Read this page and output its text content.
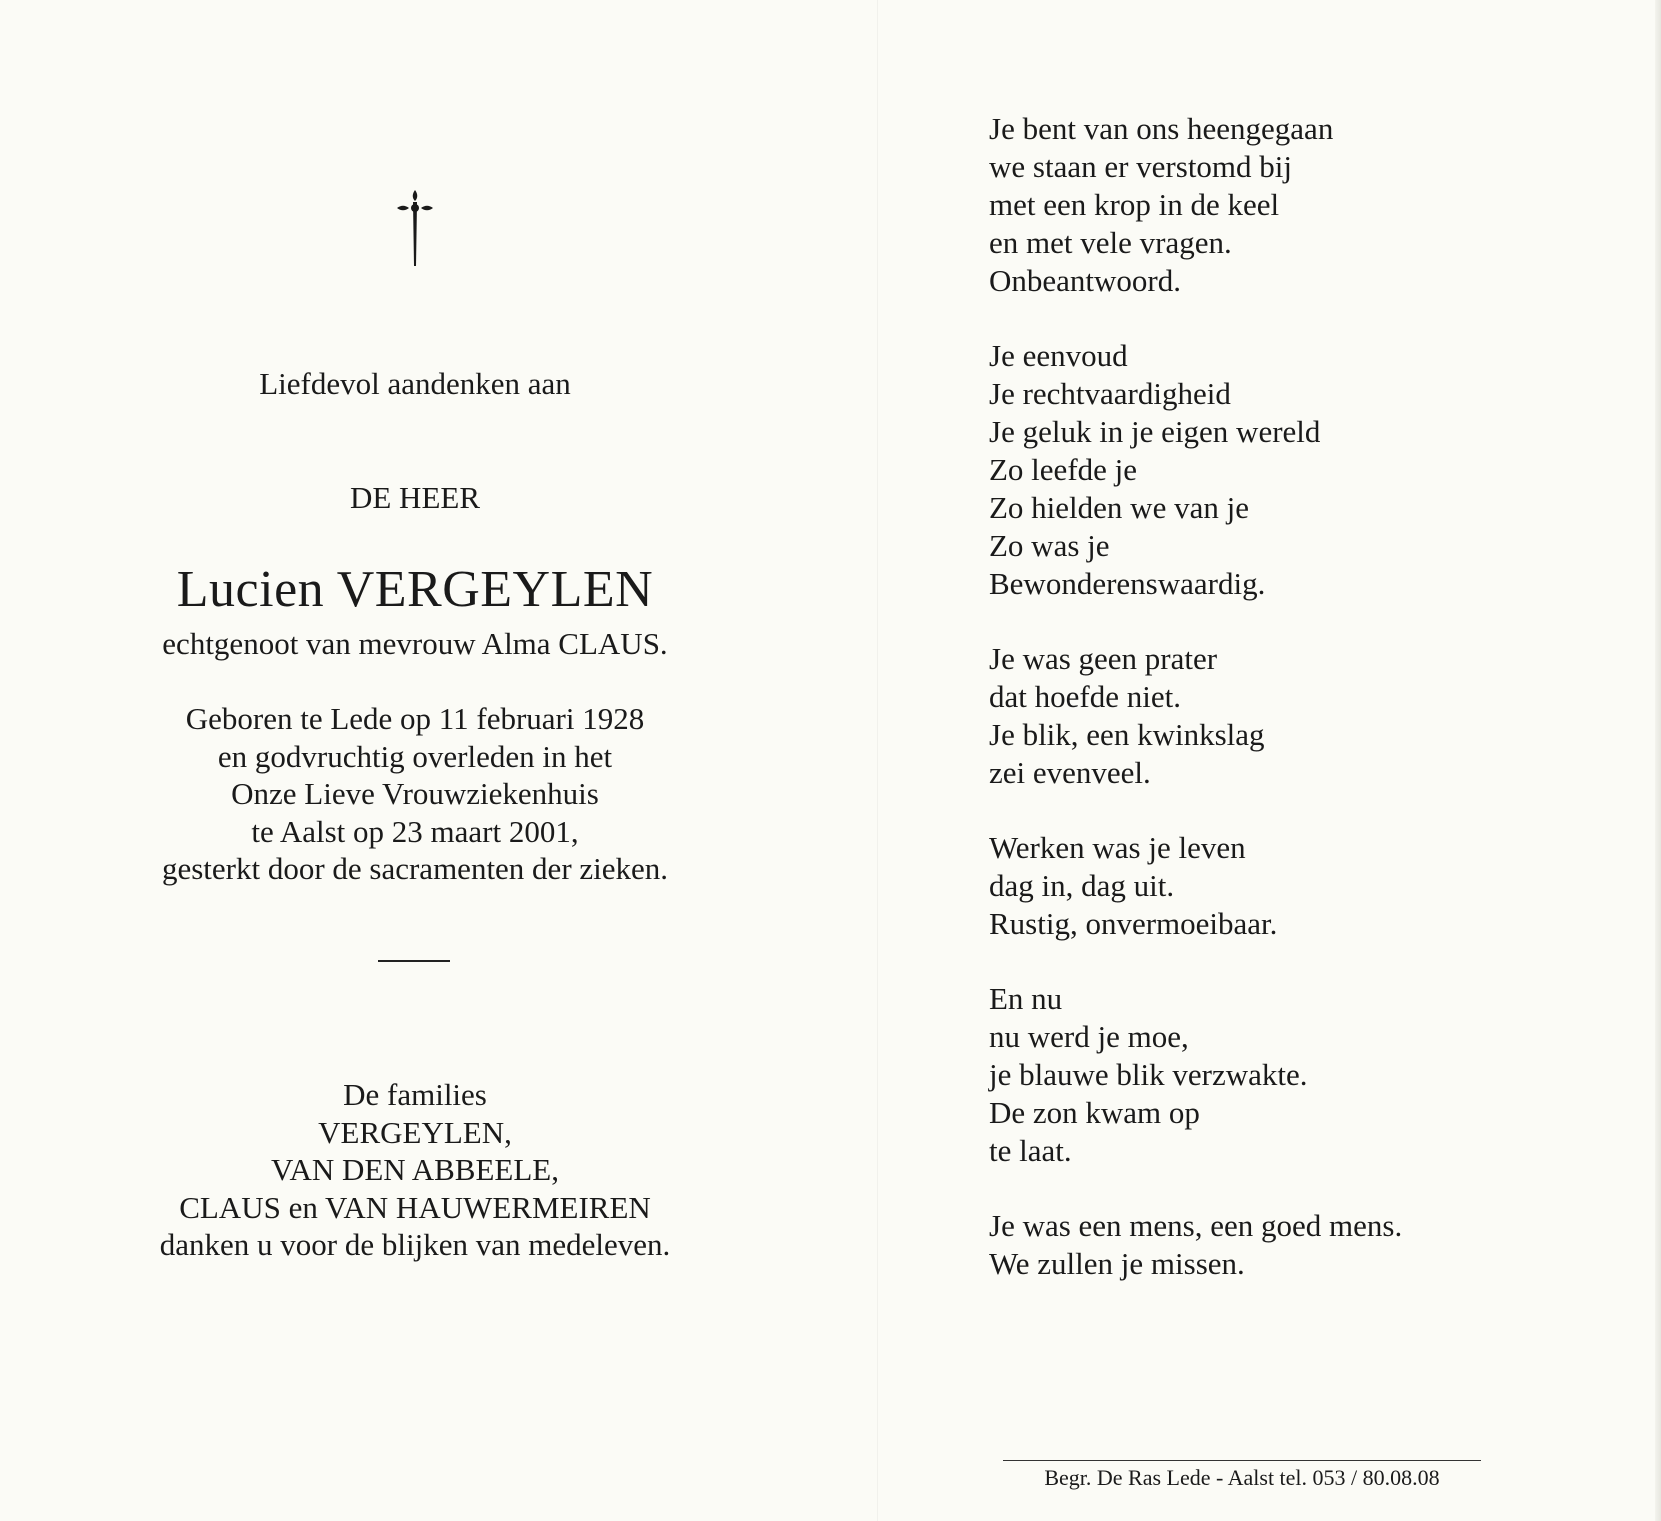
Liefdevol aandenken aan
DE HEER
Lucien VERGEYLEN
echtgenoot van mevrouw Alma CLAUS.
Geboren te Lede op 11 februari 1928
en godvruchtig overleden in het
Onze Lieve Vrouwziekenhuis
te Aalst op 23 maart 2001,
gesterkt door de sacramenten der zieken.
De families
VERGEYLEN,
VAN DEN ABBEELE,
CLAUS en VAN HAUWERMEIREN
danken u voor de blijken van medeleven.
Je bent van ons heengegaan
we staan er verstomd bij
met een krop in de keel
en met vele vragen.
Onbeantwoord.
Je eenvoud
Je rechtvaardigheid
Je geluk in je eigen wereld
Zo leefde je
Zo hielden we van je
Zo was je
Bewonderenswaardig.
Je was geen prater
dat hoefde niet.
Je blik, een kwinkslag
zei evenveel.
Werken was je leven
dag in, dag uit.
Rustig, onvermoeibaar.
En nu
nu werd je moe,
je blauwe blik verzwakte.
De zon kwam op
te laat.
Je was een mens, een goed mens.
We zullen je missen.
Begr. De Ras Lede - Aalst tel. 053 / 80.08.08
